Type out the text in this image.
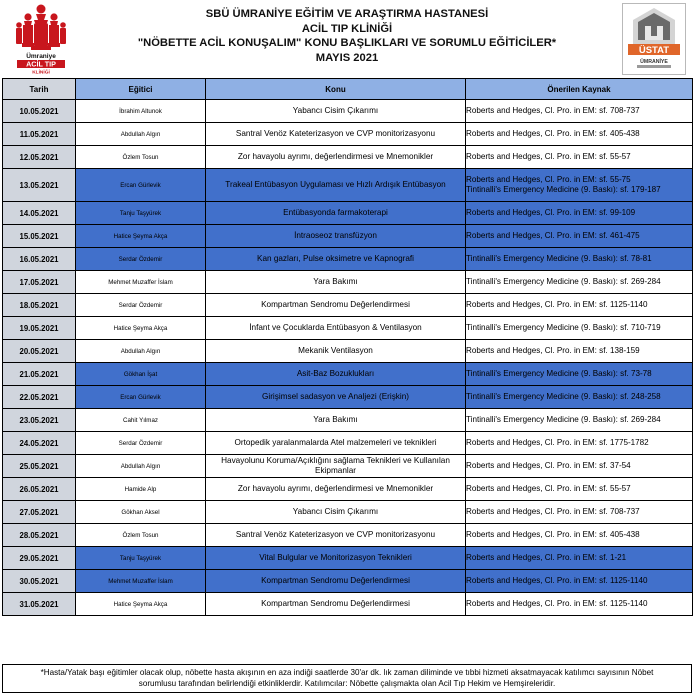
Ümraniye
ACİL TIP
KLİNİĞİ
SBÜ ÜMRANİYE EĞİTİM VE ARAŞTIRMA HASTANESİ
ACİL TIP KLİNİĞİ
"NÖBETTE ACİL KONUŞALIM" KONU BAŞLIKLARI VE SORUMLU EĞİTİCİLER*
MAYIS 2021
ÜSTAT
ÜMRANİYE
Tarih	Eğitici	Konu	Önerilen Kaynak
10.05.2021	İbrahim Altunok	Yabancı Cisim Çıkarımı	Roberts and Hedges, Cl. Pro. in EM: sf. 708-737
11.05.2021	Abdullah Algın	Santral Venöz Kateterizasyon ve CVP monitorizasyonu	Roberts and Hedges, Cl. Pro. in EM: sf. 405-438
12.05.2021	Özlem Tosun	Zor havayolu ayrımı, değerlendirmesi ve Mnemonikler	Roberts and Hedges, Cl. Pro. in EM: sf. 55-57
13.05.2021	Ercan Gürlevik	Trakeal Entübasyon Uygulaması ve Hızlı Ardışık Entübasyon	Roberts and Hedges, Cl. Pro. in EM: sf. 55-75
Tintinalli's Emergency Medicine (9. Baskı): sf. 179-187

14.05.2021	Tanju Taşyürek	Entübasyonda farmakoterapi	Roberts and Hedges, Cl. Pro. in EM: sf. 99-109
15.05.2021	Hatice Şeyma Akça	İntraoseoz transfüzyon	Roberts and Hedges, Cl. Pro. in EM: sf. 461-475
16.05.2021	Serdar Özdemir	Kan gazları, Pulse oksimetre ve Kapnografi	Tintinalli's Emergency Medicine (9. Baskı): sf. 78-81
17.05.2021	Mehmet Muzaffer İslam	Yara Bakımı	Tintinalli's Emergency Medicine (9. Baskı): sf. 269-284
18.05.2021	Serdar Özdemir	Kompartman Sendromu Değerlendirmesi	Roberts and Hedges, Cl. Pro. in EM: sf. 1125-1140
19.05.2021	Hatice Şeyma Akça	İnfant ve Çocuklarda Entübasyon & Ventilasyon	Tintinalli's Emergency Medicine (9. Baskı): sf. 710-719
20.05.2021	Abdullah Algın	Mekanik Ventilasyon	Roberts and Hedges, Cl. Pro. in EM: sf. 138-159
21.05.2021	Gökhan İşat	Asit-Baz Bozuklukları	Tintinalli's Emergency Medicine (9. Baskı): sf. 73-78
22.05.2021	Ercan Gürlevik	Girişimsel sadasyon ve Analjezi (Erişkin)	Tintinalli's Emergency Medicine (9. Baskı): sf. 248-258
23.05.2021	Cahit Yılmaz	Yara Bakımı	Tintinalli's Emergency Medicine (9. Baskı): sf. 269-284
24.05.2021	Serdar Özdemir	Ortopedik yaralanmalarda Atel malzemeleri ve teknikleri	Roberts and Hedges, Cl. Pro. in EM: sf. 1775-1782
25.05.2021	Abdullah Algın	Havayolunu Koruma/Açıklığını sağlama Teknikleri ve Kullanılan Ekipmanlar	Roberts and Hedges, Cl. Pro. in EM: sf. 37-54
26.05.2021	Hamide Alp	Zor havayolu ayrımı, değerlendirmesi ve Mnemonikler	Roberts and Hedges, Cl. Pro. in EM: sf. 55-57
27.05.2021	Gökhan Aksel	Yabancı Cisim Çıkarımı	Roberts and Hedges, Cl. Pro. in EM: sf. 708-737
28.05.2021	Özlem Tosun	Santral Venöz Kateterizasyon ve CVP monitorizasyonu	Roberts and Hedges, Cl. Pro. in EM: sf. 405-438
29.05.2021	Tanju Taşyürek	Vital Bulgular ve Monitorizasyon Teknikleri	Roberts and Hedges, Cl. Pro. in EM: sf. 1-21
30.05.2021	Mehmet Muzaffer İslam	Kompartman Sendromu Değerlendirmesi	Roberts and Hedges, Cl. Pro. in EM: sf. 1125-1140
31.05.2021	Hatice Şeyma Akça	Kompartman Sendromu Değerlendirmesi	Roberts and Hedges, Cl. Pro. in EM: sf. 1125-1140
*Hasta/Yatak başı eğitimler olacak olup, nöbette hasta akışının en aza indiği saatlerde 30'ar dk. lık zaman diliminde ve tıbbi hizmeti aksatmayacak katılımcı sayısının Nöbet
sorumlusu tarafından belirlendiği etkinliklerdir. Katılımcılar: Nöbette çalışmakta olan Acil Tıp Hekim ve Hemşireleridir.
